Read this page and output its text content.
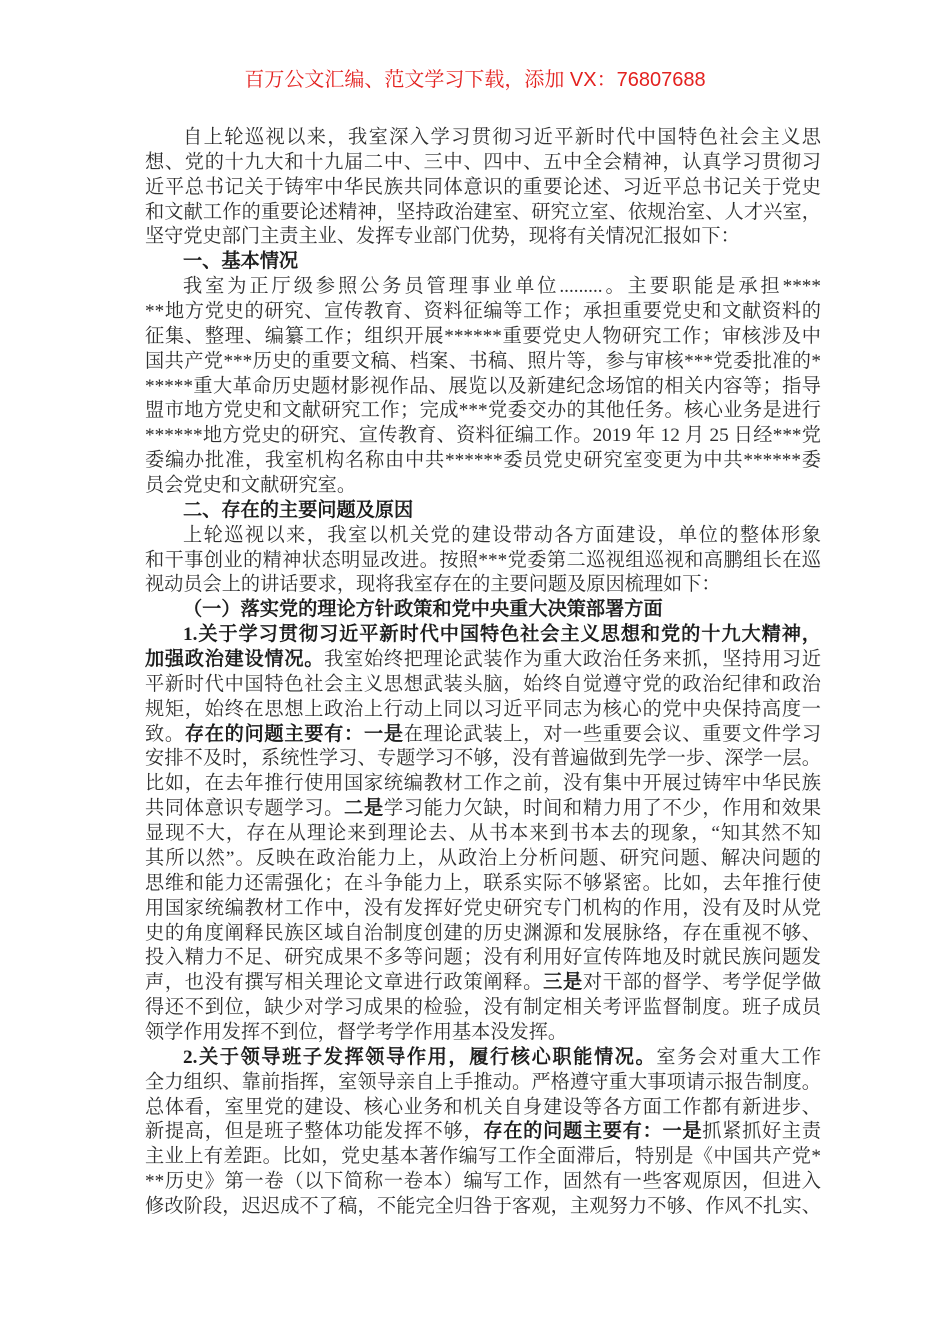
百万公文汇编、范文学习下载，添加 VX：76807688
自上轮巡视以来，我室深入学习贯彻习近平新时代中国特色社会主义思
想、党的十九大和十九届二中、三中、四中、五中全会精神，认真学习贯彻习
近平总书记关于铸牢中华民族共同体意识的重要论述、习近平总书记关于党史
和文献工作的重要论述精神，坚持政治建室、研究立室、依规治室、人才兴室，
坚守党史部门主责主业、发挥专业部门优势，现将有关情况汇报如下：
一、基本情况
我室为正厅级参照公务员管理事业单位.........。主要职能是承担****
**地方党史的研究、宣传教育、资料征编等工作；承担重要党史和文献资料的
征集、整理、编纂工作；组织开展******重要党史人物研究工作；审核涉及中
国共产党***历史的重要文稿、档案、书稿、照片等，参与审核***党委批准的*
*****重大革命历史题材影视作品、展览以及新建纪念场馆的相关内容等；指导
盟市地方党史和文献研究工作；完成***党委交办的其他任务。核心业务是进行
******地方党史的研究、宣传教育、资料征编工作。2019 年 12 月 25 日经***党
委编办批准，我室机构名称由中共******委员党史研究室变更为中共******委
员会党史和文献研究室。
二、存在的主要问题及原因
上轮巡视以来，我室以机关党的建设带动各方面建设，单位的整体形象
和干事创业的精神状态明显改进。按照***党委第二巡视组巡视和高鹏组长在巡
视动员会上的讲话要求，现将我室存在的主要问题及原因梳理如下：
（一）落实党的理论方针政策和党中央重大决策部署方面
1.关于学习贯彻习近平新时代中国特色社会主义思想和党的十九大精神，
加强政治建设情况。我室始终把理论武装作为重大政治任务来抓，坚持用习近
平新时代中国特色社会主义思想武装头脑，始终自觉遵守党的政治纪律和政治
规矩，始终在思想上政治上行动上同以习近平同志为核心的党中央保持高度一
致。存在的问题主要有：一是在理论武装上，对一些重要会议、重要文件学习
安排不及时，系统性学习、专题学习不够，没有普遍做到先学一步、深学一层。
比如，在去年推行使用国家统编教材工作之前，没有集中开展过铸牢中华民族
共同体意识专题学习。二是学习能力欠缺，时间和精力用了不少，作用和效果
显现不大，存在从理论来到理论去、从书本来到书本去的现象，“知其然不知
其所以然”。反映在政治能力上，从政治上分析问题、研究问题、解决问题的
思维和能力还需强化；在斗争能力上，联系实际不够紧密。比如，去年推行使
用国家统编教材工作中，没有发挥好党史研究专门机构的作用，没有及时从党
史的角度阐释民族区域自治制度创建的历史渊源和发展脉络，存在重视不够、
投入精力不足、研究成果不多等问题；没有利用好宣传阵地及时就民族问题发
声，也没有撰写相关理论文章进行政策阐释。三是对干部的督学、考学促学做
得还不到位，缺少对学习成果的检验，没有制定相关考评监督制度。班子成员
领学作用发挥不到位，督学考学作用基本没发挥。
2.关于领导班子发挥领导作用，履行核心职能情况。室务会对重大工作
全力组织、靠前指挥，室领导亲自上手推动。严格遵守重大事项请示报告制度。
总体看，室里党的建设、核心业务和机关自身建设等各方面工作都有新进步、
新提高，但是班子整体功能发挥不够，存在的问题主要有：一是抓紧抓好主责
主业上有差距。比如，党史基本著作编写工作全面滞后，特别是《中国共产党*
**历史》第一卷（以下简称一卷本）编写工作，固然有一些客观原因，但进入
修改阶段，迟迟成不了稿，不能完全归咎于客观，主观努力不够、作风不扎实、
